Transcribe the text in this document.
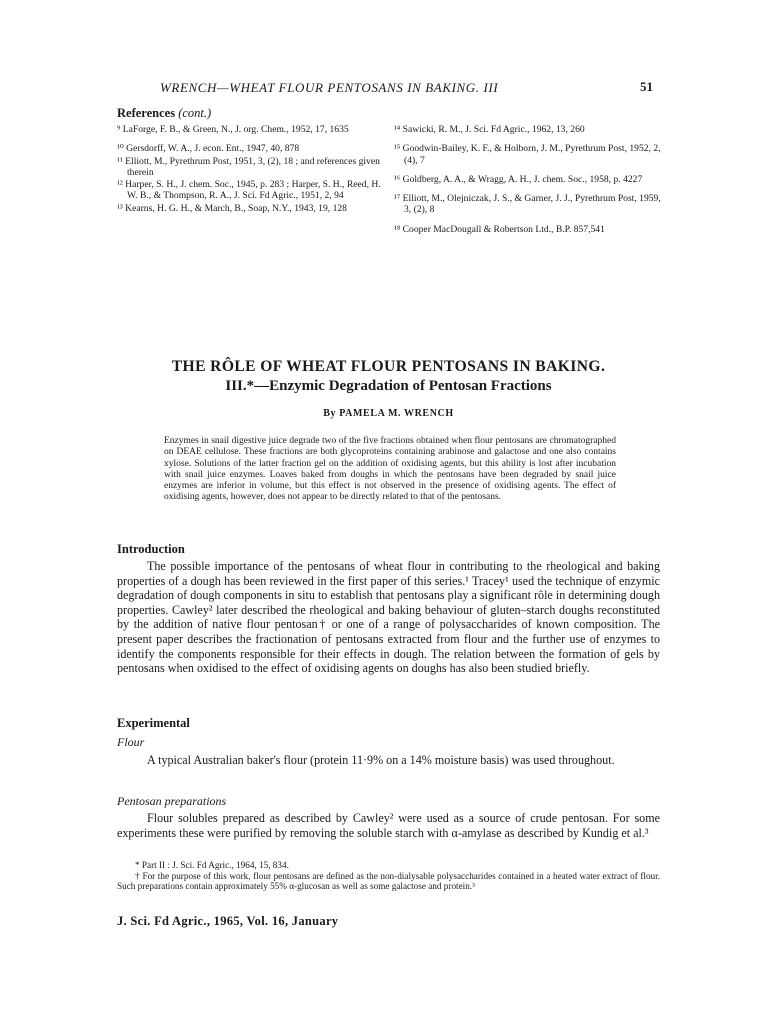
WRENCH—WHEAT FLOUR PENTOSANS IN BAKING. III	51
References (cont.)
⁹ LaForge, F. B., & Green, N., J. org. Chem., 1952, 17, 1635
¹⁰ Gersdorff, W. A., J. econ. Ent., 1947, 40, 878
¹¹ Elliott, M., Pyrethrum Post, 1951, 3, (2), 18 ; and references given therein
¹² Harper, S. H., J. chem. Soc., 1945, p. 283 ; Harper, S. H., Reed, H. W. B., & Thompson, R. A., J. Sci. Fd Agric., 1951, 2, 94
¹³ Kearns, H. G. H., & March, B., Soap, N.Y., 1943, 19, 128
¹⁴ Sawicki, R. M., J. Sci. Fd Agric., 1962, 13, 260
¹⁵ Goodwin-Bailey, K. F., & Holborn, J. M., Pyrethrum Post, 1952, 2, (4), 7
¹⁶ Goldberg, A. A., & Wragg, A. H., J. chem. Soc., 1958, p. 4227
¹⁷ Elliott, M., Olejniczak, J. S., & Garner, J. J., Pyrethrum Post, 1959, 3, (2), 8
¹⁸ Cooper MacDougall & Robertson Ltd., B.P. 857,541
THE RÔLE OF WHEAT FLOUR PENTOSANS IN BAKING.
III.*—Enzymic Degradation of Pentosan Fractions
By PAMELA M. WRENCH
Enzymes in snail digestive juice degrade two of the five fractions obtained when flour pentosans are chromatographed on DEAE cellulose. These fractions are both glycoproteins containing arabinose and galactose and one also contains xylose. Solutions of the latter fraction gel on the addition of oxidising agents, but this ability is lost after incubation with snail juice enzymes. Loaves baked from doughs in which the pentosans have been degraded by snail juice enzymes are inferior in volume, but this effect is not observed in the presence of oxidising agents. The effect of oxidising agents, however, does not appear to be directly related to that of the pentosans.
Introduction

The possible importance of the pentosans of wheat flour in contributing to the rheological and baking properties of a dough has been reviewed in the first paper of this series.¹ Tracey¹ used the technique of enzymic degradation of dough components in situ to establish that pentosans play a significant rôle in determining dough properties. Cawley² later described the rheological and baking behaviour of gluten–starch doughs reconstituted by the addition of native flour pentosan† or one of a range of polysaccharides of known composition. The present paper describes the fractionation of pentosans extracted from flour and the further use of enzymes to identify the components responsible for their effects in dough. The relation between the formation of gels by pentosans when oxidised to the effect of oxidising agents on doughs has also been studied briefly.

Experimental
Flour

A typical Australian baker's flour (protein 11·9% on a 14% moisture basis) was used throughout.

Pentosan preparations

Flour solubles prepared as described by Cawley² were used as a source of crude pentosan. For some experiments these were purified by removing the soluble starch with α-amylase as described by Kundig et al.³

* Part II : J. Sci. Fd Agric., 1964, 15, 834.

† For the purpose of this work, flour pentosans are defined as the non-dialysable polysaccharides contained in a heated water extract of flour. Such preparations contain approximately 55% α-glucosan as well as some galactose and protein.³

J. Sci. Fd Agric., 1965, Vol. 16, January
